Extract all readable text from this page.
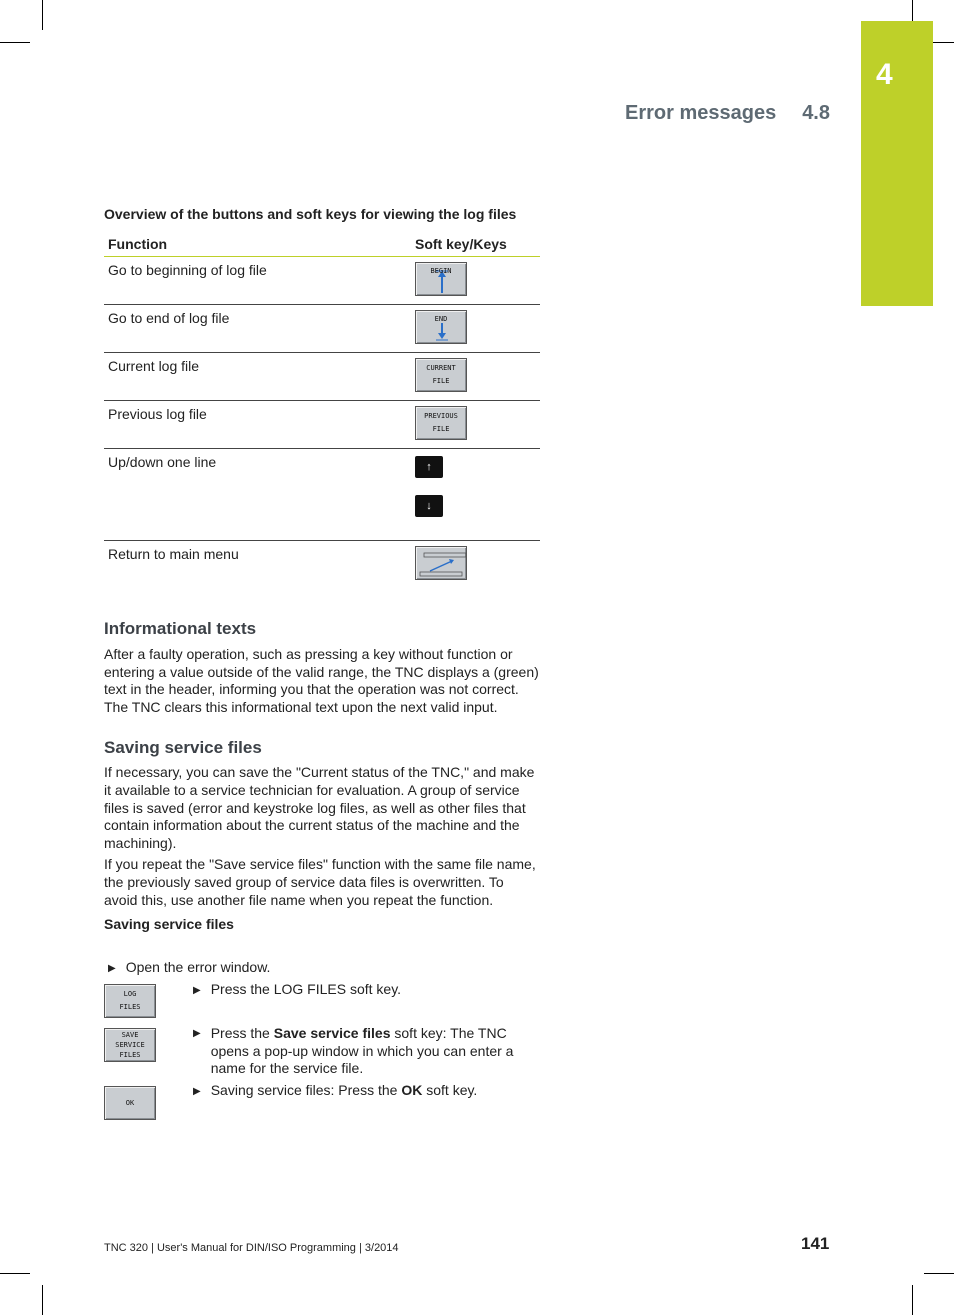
4
Error messages 4.8
Overview of the buttons and soft keys for viewing the log files
Function	Soft key/Keys
Go to beginning of log file	BEGIN

Go to end of log file	END

Current log file	CURRENT
FILE

Previous log file	PREVIOUS
FILE

Up/down one line	↑
↓

Return to main menu	
Informational texts

After a faulty operation, such as pressing a key without function or entering a value outside of the valid range, the TNC displays a (green) text in the header, informing you that the operation was not correct. The TNC clears this informational text upon the next valid input.

Saving service files

If necessary, you can save the "Current status of the TNC," and make it available to a service technician for evaluation. A group of service files is saved (error and keystroke log files, as well as other files that contain information about the current status of the machine and the machining).

If you repeat the "Save service files" function with the same file name, the previously saved group of service data files is overwritten. To avoid this, use another file name when you repeat the function.

Saving service files
▶ Open the error window.
LOG
FILES
▶ Press the LOG FILES soft key.
SAVE
SERVICE
FILES
▶ Press the Save service files soft key: The TNC opens a pop-up window in which you can enter a name for the service file.
OK
▶ Saving service files: Press the OK soft key.
TNC 320 | User's Manual for DIN/ISO Programming | 3/2014	141
